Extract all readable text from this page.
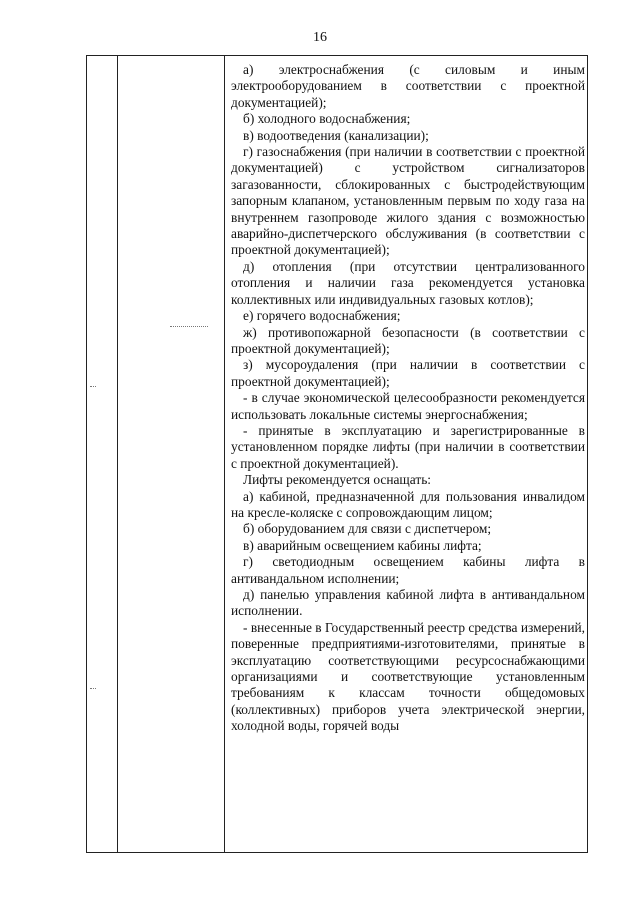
16

а) электроснабжения (с силовым и иным электрооборудованием в соответствии с проектной документацией);

б) холодного водоснабжения;

в) водоотведения (канализации);

г) газоснабжения (при наличии в соответствии с проектной документацией) с устройством сигнализаторов загазованности, сблокированных с быстродействующим запорным клапаном, установленным первым по ходу газа на внутреннем газопроводе жилого здания с возможностью аварийно-диспетчерского обслуживания (в соответствии с проектной документацией);

д) отопления (при отсутствии централизованного отопления и наличии газа рекомендуется установка коллективных или индивидуальных газовых котлов);

е) горячего водоснабжения;

ж) противопожарной безопасности (в соответствии с проектной документацией);

з) мусороудаления (при наличии в соответствии с проектной документацией);

- в случае экономической целесообразности рекомендуется использовать локальные системы энергоснабжения;

- принятые в эксплуатацию и зарегистрированные в установленном порядке лифты (при наличии в соответствии с проектной документацией).

Лифты рекомендуется оснащать:

а) кабиной, предназначенной для пользования инвалидом на кресле-коляске с сопровождающим лицом;

б) оборудованием для связи с диспетчером;

в) аварийным освещением кабины лифта;

г) светодиодным освещением кабины лифта в антивандальном исполнении;

д) панелью управления кабиной лифта в антивандальном исполнении.

- внесенные в Государственный реестр средства измерений, поверенные предприятиями-изготовителями, принятые в эксплуатацию соответствующими ресурсоснабжающими организациями и соответствующие установленным требованиям к классам точности общедомовых (коллективных) приборов учета электрической энергии, холодной воды, горячей воды
